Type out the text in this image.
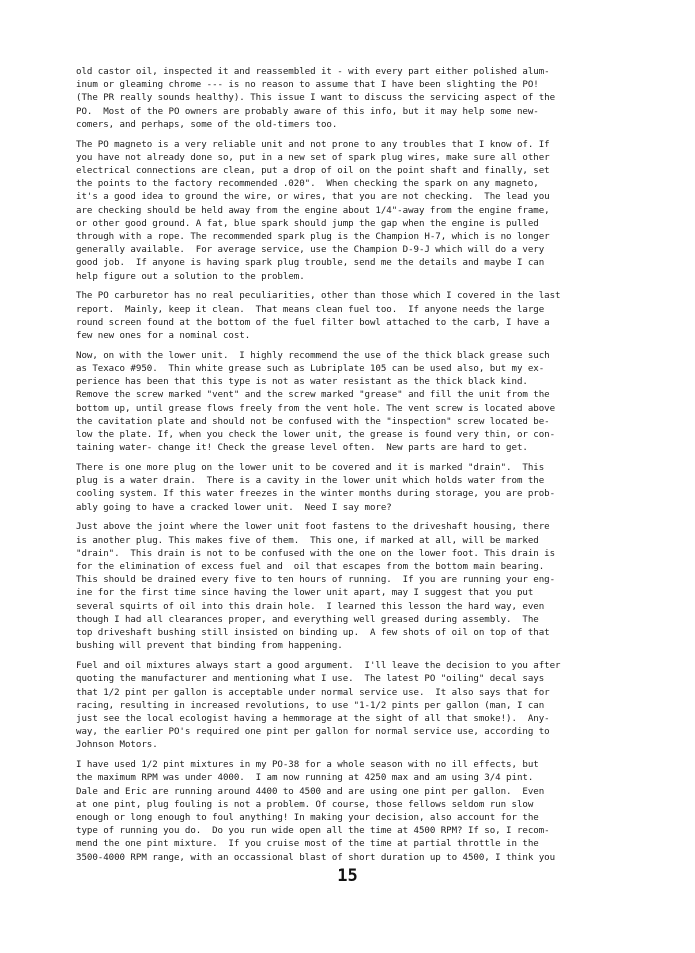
old castor oil, inspected it and reassembled it - with every part either polished alum-
inum or gleaming chrome --- is no reason to assume that I have been slighting the PO!
(The PR really sounds healthy). This issue I want to discuss the servicing aspect of the
PO.  Most of the PO owners are probably aware of this info, but it may help some new-
comers, and perhaps, some of the old-timers too.

The PO magneto is a very reliable unit and not prone to any troubles that I know of. If
you have not already done so, put in a new set of spark plug wires, make sure all other
electrical connections are clean, put a drop of oil on the point shaft and finally, set
the points to the factory recommended .020".  When checking the spark on any magneto,
it's a good idea to ground the wire, or wires, that you are not checking.  The lead you
are checking should be held away from the engine about 1/4"-away from the engine frame,
or other good ground. A fat, blue spark should jump the gap when the engine is pulled
through with a rope. The recommended spark plug is the Champion H-7, which is no longer
generally available.  For average service, use the Champion D-9-J which will do a very
good job.  If anyone is having spark plug trouble, send me the details and maybe I can
help figure out a solution to the problem.

The PO carburetor has no real peculiarities, other than those which I covered in the last
report.  Mainly, keep it clean.  That means clean fuel too.  If anyone needs the large
round screen found at the bottom of the fuel filter bowl attached to the carb, I have a
few new ones for a nominal cost.

Now, on with the lower unit.  I highly recommend the use of the thick black grease such
as Texaco #950.  Thin white grease such as Lubriplate 105 can be used also, but my ex-
perience has been that this type is not as water resistant as the thick black kind.
Remove the screw marked "vent" and the screw marked "grease" and fill the unit from the
bottom up, until grease flows freely from the vent hole. The vent screw is located above
the cavitation plate and should not be confused with the "inspection" screw located be-
low the plate. If, when you check the lower unit, the grease is found very thin, or con-
taining water- change it! Check the grease level often.  New parts are hard to get.

There is one more plug on the lower unit to be covered and it is marked "drain".  This
plug is a water drain.  There is a cavity in the lower unit which holds water from the
cooling system. If this water freezes in the winter months during storage, you are prob-
ably going to have a cracked lower unit.  Need I say more?

Just above the joint where the lower unit foot fastens to the driveshaft housing, there
is another plug. This makes five of them.  This one, if marked at all, will be marked
"drain".  This drain is not to be confused with the one on the lower foot. This drain is
for the elimination of excess fuel and  oil that escapes from the bottom main bearing.
This should be drained every five to ten hours of running.  If you are running your eng-
ine for the first time since having the lower unit apart, may I suggest that you put
several squirts of oil into this drain hole.  I learned this lesson the hard way, even
though I had all clearances proper, and everything well greased during assembly.  The
top driveshaft bushing still insisted on binding up.  A few shots of oil on top of that
bushing will prevent that binding from happening.

Fuel and oil mixtures always start a good argument.  I'll leave the decision to you after
quoting the manufacturer and mentioning what I use.  The latest PO "oiling" decal says
that 1/2 pint per gallon is acceptable under normal service use.  It also says that for
racing, resulting in increased revolutions, to use "1-1/2 pints per gallon (man, I can
just see the local ecologist having a hemmorage at the sight of all that smoke!).  Any-
way, the earlier PO's required one pint per gallon for normal service use, according to
Johnson Motors.

I have used 1/2 pint mixtures in my PO-38 for a whole season with no ill effects, but
the maximum RPM was under 4000.  I am now running at 4250 max and am using 3/4 pint.
Dale and Eric are running around 4400 to 4500 and are using one pint per gallon.  Even
at one pint, plug fouling is not a problem. Of course, those fellows seldom run slow
enough or long enough to foul anything! In making your decision, also account for the
type of running you do.  Do you run wide open all the time at 4500 RPM? If so, I recom-
mend the one pint mixture.  If you cruise most of the time at partial throttle in the
3500-4000 RPM range, with an occassional blast of short duration up to 4500, I think you

15
